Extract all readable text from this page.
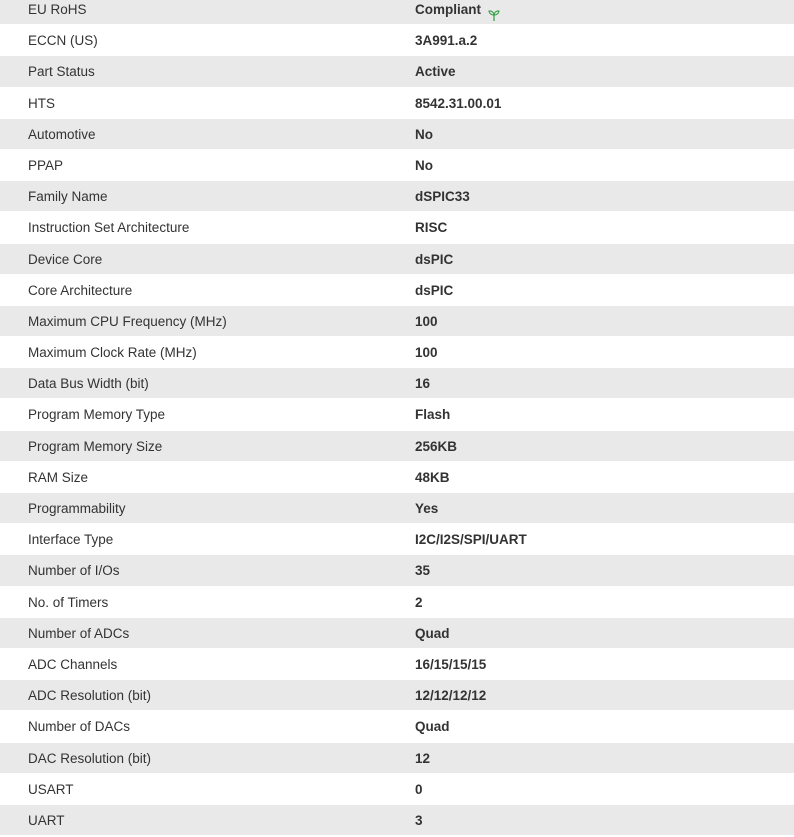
EU RoHS	Compliant
ECCN (US)	3A991.a.2
Part Status	Active
HTS	8542.31.00.01
Automotive	No
PPAP	No
Family Name	dSPIC33
Instruction Set Architecture	RISC
Device Core	dsPIC
Core Architecture	dsPIC
Maximum CPU Frequency (MHz)	100
Maximum Clock Rate (MHz)	100
Data Bus Width (bit)	16
Program Memory Type	Flash
Program Memory Size	256KB
RAM Size	48KB
Programmability	Yes
Interface Type	I2C/I2S/SPI/UART
Number of I/Os	35
No. of Timers	2
Number of ADCs	Quad
ADC Channels	16/15/15/15
ADC Resolution (bit)	12/12/12/12
Number of DACs	Quad
DAC Resolution (bit)	12
USART	0
UART	3
